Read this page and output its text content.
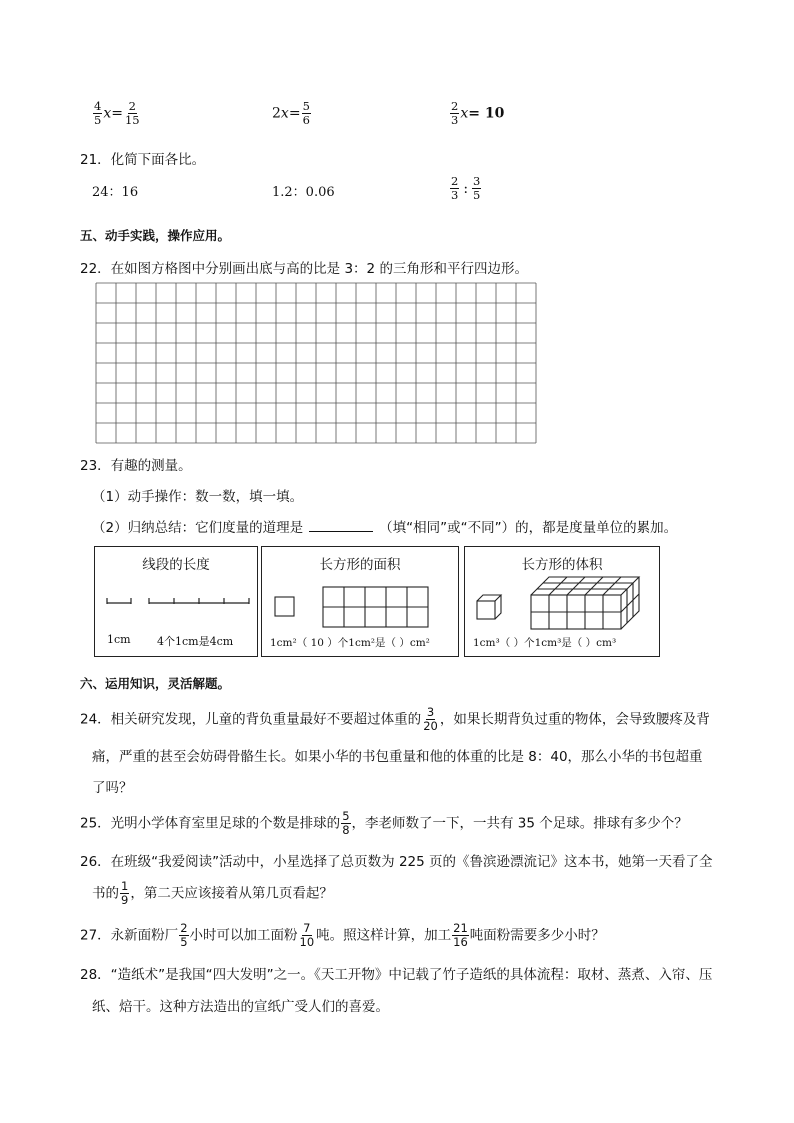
$\frac{4}{5} x= \frac{2}{15}$	$2x= \frac{5}{6}$	$\frac{2}{3} x= 10$
21．化简下面各比。
24：16	1.2：0.06	$\frac{2}{3}$ : $\frac{3}{5}$
五、动手实践，操作应用。
22．在如图方格图中分别画出底与高的比是 3：2 的三角形和平行四边形。
23．有趣的测量。
（1）动手操作：数一数，填一填。
（2）归纳总结：它们度量的道理是	（填“相同”或“不同”）的，都是度量单位的累加。
线段的长度
1cm 4个1cm是4cm
长方形的面积
1cm²（ 10 ）个1cm²是（ ）cm²
长方形的体积
1cm³（ ）个1cm³是（ ）cm³
六、运用知识，灵活解题。
24．相关研究发现，儿童的背负重量最好不要超过体重的 $\frac{3}{20}$ ，如果长期背负过重的物体，会导致腰疼及背
痛，严重的甚至会妨碍骨骼生长。如果小华的书包重量和他的体重的比是 8：40，那么小华的书包超重
了吗？
25．光明小学体育室里足球的个数是排球的 $\frac{5}{8}$ ，李老师数了一下，一共有 35 个足球。排球有多少个？
26．在班级“我爱阅读”活动中，小星选择了总页数为 225 页的《鲁滨逊漂流记》这本书，她第一天看了全
书的 $\frac{1}{9}$ ，第二天应该接着从第几页看起？
27．永新面粉厂 $\frac{2}{5}$ 小时可以加工面粉 $\frac{7}{10}$ 吨。照这样计算，加工 $\frac{21}{16}$ 吨面粉需要多少小时？
28．“造纸术”是我国“四大发明”之一。《天工开物》中记载了竹子造纸的具体流程：取材、蒸煮、入帘、压
纸、焙干。这种方法造出的宣纸广受人们的喜爱。
